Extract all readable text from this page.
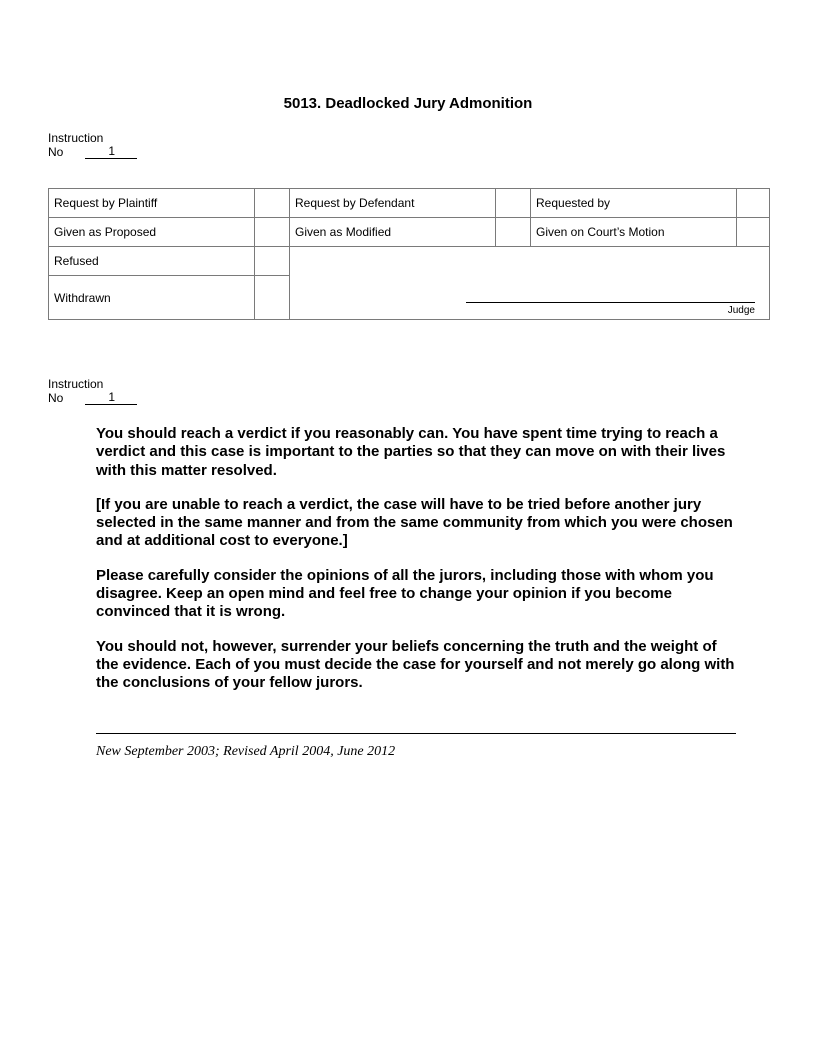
5013. Deadlocked Jury Admonition
Instruction
No	1
Request by Plaintiff		Request by Defendant		Requested by	
Given as Proposed		Given as Modified		Given on Court’s Motion	
Refused		Judge			

Withdrawn					
Instruction
No	1

You should reach a verdict if you reasonably can. You have spent time trying to reach a verdict and this case is important to the parties so that they can move on with their lives with this matter resolved.

[If you are unable to reach a verdict, the case will have to be tried before another jury selected in the same manner and from the same community from which you were chosen and at additional cost to everyone.]

Please carefully consider the opinions of all the jurors, including those with whom you disagree. Keep an open mind and feel free to change your opinion if you become convinced that it is wrong.

You should not, however, surrender your beliefs concerning the truth and the weight of the evidence. Each of you must decide the case for yourself and not merely go along with the conclusions of your fellow jurors.

New September 2003; Revised April 2004, June 2012
